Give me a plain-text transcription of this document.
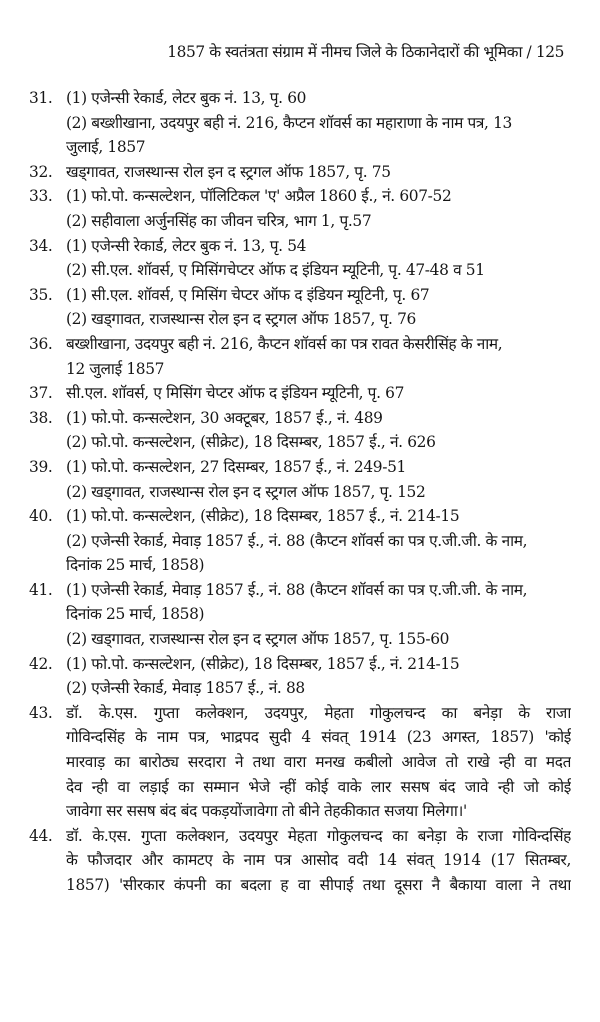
1857 के स्वतंत्रता संग्राम में नीमच जिले के ठिकानेदारों की भूमिका / 125
31. (1) एजेन्सी रेकार्ड, लेटर बुक नं. 13, पृ. 60
(2) बख्शीखाना, उदयपुर बही नं. 216, कैप्टन शॉवर्स का महाराणा के नाम पत्र, 13
जुलाई, 1857
32. खड्गावत, राजस्थान्स रोल इन द स्ट्रगल ऑफ 1857, पृ. 75
33. (1) फो.पो. कन्सल्टेशन, पॉलिटिकल 'ए' अप्रैल 1860 ई., नं. 607-52
(2) सहीवाला अर्जुनसिंह का जीवन चरित्र, भाग 1, पृ.57
34. (1) एजेन्सी रेकार्ड, लेटर बुक नं. 13, पृ. 54
(2) सी.एल. शॉवर्स, ए मिसिंगचेप्टर ऑफ द इंडियन म्यूटिनी, पृ. 47-48 व 51
35. (1) सी.एल. शॉवर्स, ए मिसिंग चेप्टर ऑफ द इंडियन म्यूटिनी, पृ. 67
(2) खड्गावत, राजस्थान्स रोल इन द स्ट्रगल ऑफ 1857, पृ. 76
36. बख्शीखाना, उदयपुर बही नं. 216, कैप्टन शॉवर्स का पत्र रावत केसरीसिंह के नाम,
12 जुलाई 1857
37. सी.एल. शॉवर्स, ए मिसिंग चेप्टर ऑफ द इंडियन म्यूटिनी, पृ. 67
38. (1) फो.पो. कन्सल्टेशन, 30 अक्टूबर, 1857 ई., नं. 489
(2) फो.पो. कन्सल्टेशन, (सीक्रेट), 18 दिसम्बर, 1857 ई., नं. 626
39. (1) फो.पो. कन्सल्टेशन, 27 दिसम्बर, 1857 ई., नं. 249-51
(2) खड्गावत, राजस्थान्स रोल इन द स्ट्रगल ऑफ 1857, पृ. 152
40. (1) फो.पो. कन्सल्टेशन, (सीक्रेट), 18 दिसम्बर, 1857 ई., नं. 214-15
(2) एजेन्सी रेकार्ड, मेवाड़ 1857 ई., नं. 88 (कैप्टन शॉवर्स का पत्र ए.जी.जी. के नाम,
दिनांक 25 मार्च, 1858)
41. (1) एजेन्सी रेकार्ड, मेवाड़ 1857 ई., नं. 88 (कैप्टन शॉवर्स का पत्र ए.जी.जी. के नाम,
दिनांक 25 मार्च, 1858)
(2) खड्गावत, राजस्थान्स रोल इन द स्ट्रगल ऑफ 1857, पृ. 155-60
42. (1) फो.पो. कन्सल्टेशन, (सीक्रेट), 18 दिसम्बर, 1857 ई., नं. 214-15
(2) एजेन्सी रेकार्ड, मेवाड़ 1857 ई., नं. 88
43. डॉ. के.एस. गुप्ता कलेक्शन, उदयपुर, मेहता गोकुलचन्द का बनेड़ा के राजा
गोविन्दसिंह के नाम पत्र, भाद्रपद सुदी 4 संवत् 1914 (23 अगस्त, 1857) 'कोई
मारवाड़ का बारोठ्य सरदारा ने तथा वारा मनख कबीलो आवेज तो राखे न्ही वा मदत
देव न्ही वा लड़ाई का सम्मान भेजे न्हीं कोई वाके लार ससष बंद जावे न्ही जो कोई
जावेगा सर ससष बंद बंद पकड़योंजावेगा तो बीने तेहकीकात सजया मिलेगा।'
44. डॉ. के.एस. गुप्ता कलेक्शन, उदयपुर मेहता गोकुलचन्द का बनेड़ा के राजा गोविन्दसिंह
के फौजदार और कामटए के नाम पत्र आसोद वदी 14 संवत् 1914 (17 सितम्बर,
1857) 'सीरकार कंपनी का बदला ह वा सीपाई तथा दूसरा नै बैकाया वाला ने तथा
